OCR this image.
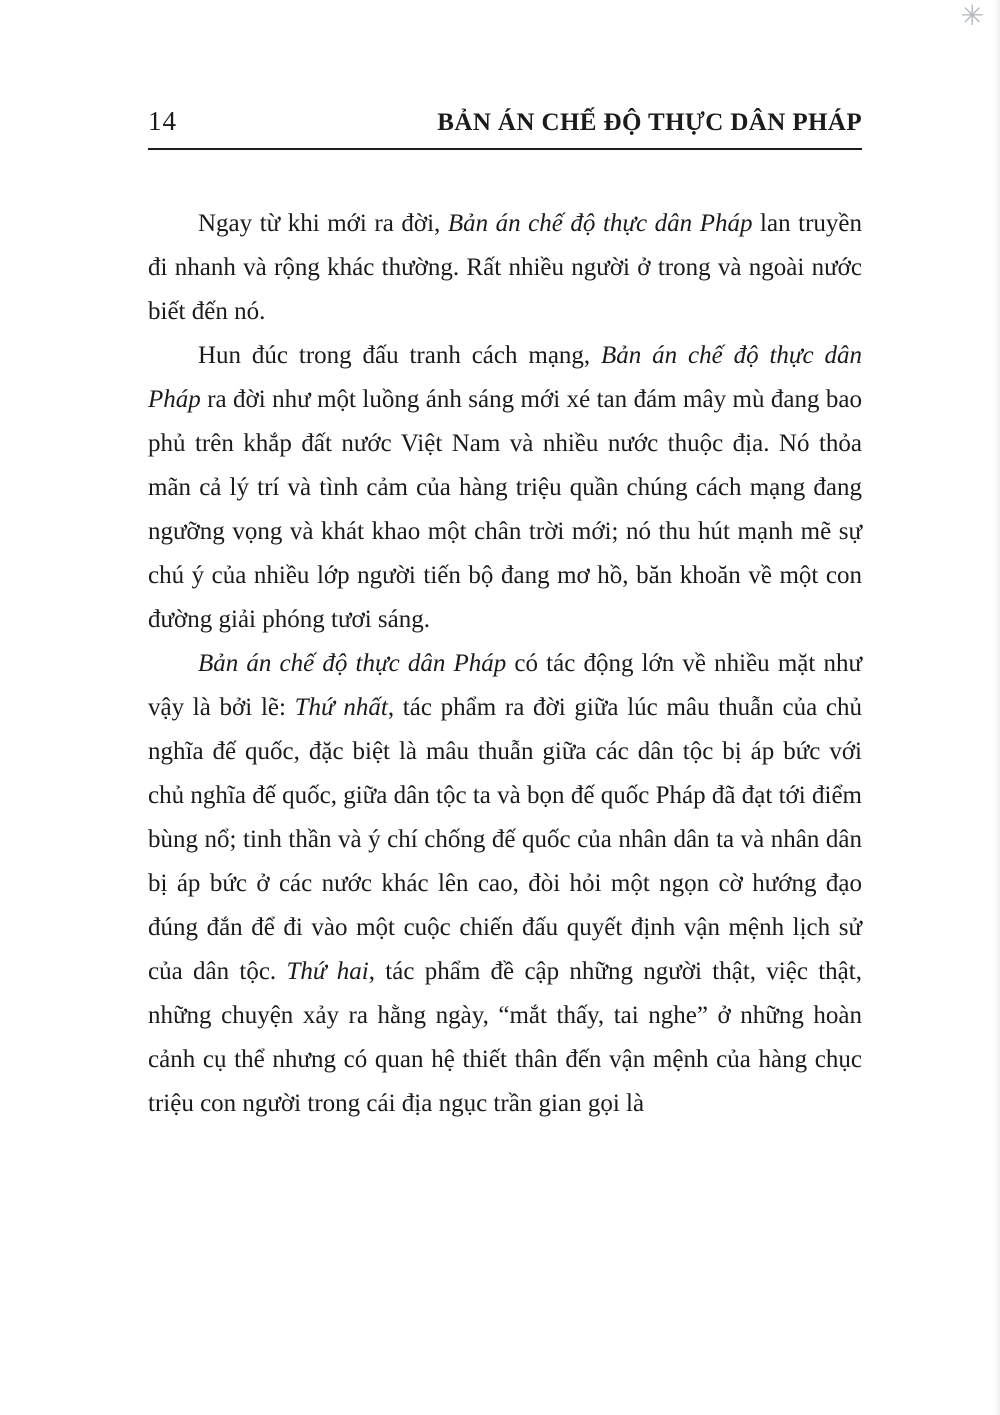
✳
14	BẢN ÁN CHẾ ĐỘ THỰC DÂN PHÁP

Ngay từ khi mới ra đời, Bản án chế độ thực dân Pháp lan truyền đi nhanh và rộng khác thường. Rất nhiều người ở trong và ngoài nước biết đến nó.

Hun đúc trong đấu tranh cách mạng, Bản án chế độ thực dân Pháp ra đời như một luồng ánh sáng mới xé tan đám mây mù đang bao phủ trên khắp đất nước Việt Nam và nhiều nước thuộc địa. Nó thỏa mãn cả lý trí và tình cảm của hàng triệu quần chúng cách mạng đang ngưỡng vọng và khát khao một chân trời mới; nó thu hút mạnh mẽ sự chú ý của nhiều lớp người tiến bộ đang mơ hồ, băn khoăn về một con đường giải phóng tươi sáng.

Bản án chế độ thực dân Pháp có tác động lớn về nhiều mặt như vậy là bởi lẽ: Thứ nhất, tác phẩm ra đời giữa lúc mâu thuẫn của chủ nghĩa đế quốc, đặc biệt là mâu thuẫn giữa các dân tộc bị áp bức với chủ nghĩa đế quốc, giữa dân tộc ta và bọn đế quốc Pháp đã đạt tới điểm bùng nổ; tinh thần và ý chí chống đế quốc của nhân dân ta và nhân dân bị áp bức ở các nước khác lên cao, đòi hỏi một ngọn cờ hướng đạo đúng đắn để đi vào một cuộc chiến đấu quyết định vận mệnh lịch sử của dân tộc. Thứ hai, tác phẩm đề cập những người thật, việc thật, những chuyện xảy ra hằng ngày, “mắt thấy, tai nghe” ở những hoàn cảnh cụ thể nhưng có quan hệ thiết thân đến vận mệnh của hàng chục triệu con người trong cái địa ngục trần gian gọi là
